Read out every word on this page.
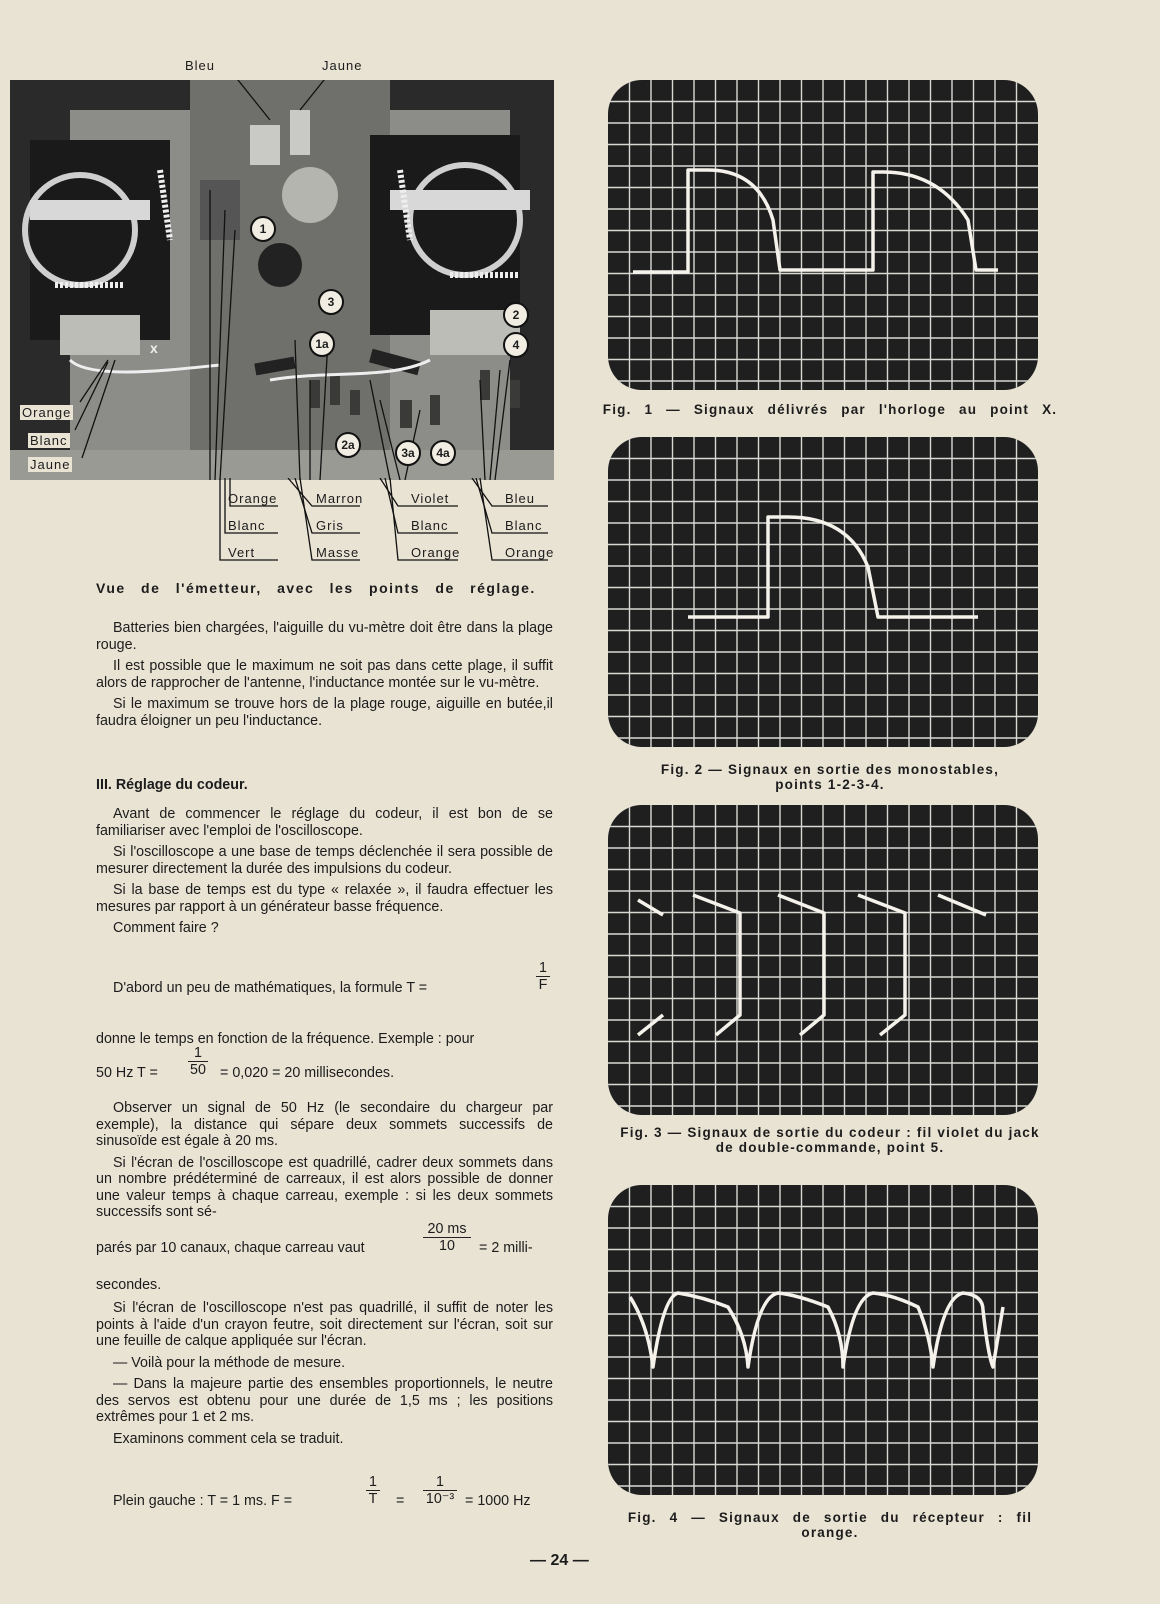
Bleu	Jaune
1
3
1a
2a
3a	4a
2
4
x
Orange
Blanc
Jaune
Orange
Blanc
Vert
Marron
Gris
Masse
Violet
Blanc
Orange
Bleu
Blanc
Orange
Vue de l'émetteur, avec les points de réglage.

Batteries bien chargées, l'aiguille du vu-mètre doit être dans la plage rouge.

Il est possible que le maximum ne soit pas dans cette plage, il suffit alors de rapprocher de l'antenne, l'inductance montée sur le vu-mètre.

Si le maximum se trouve hors de la plage rouge, aiguille en butée,il faudra éloigner un peu l'inductance.

III. Réglage du codeur.

Avant de commencer le réglage du codeur, il est bon de se familiariser avec l'emploi de l'oscilloscope.

Si l'oscilloscope a une base de temps déclenchée il sera possible de mesurer directement la durée des impulsions du codeur.

Si la base de temps est du type « relaxée », il faudra effectuer les mesures par rapport à un générateur basse fréquence.

Comment faire ?

D'abord un peu de mathématiques, la formule T =	$\frac{1}{F}$
donne le temps en fonction de la fréquence. Exemple : pour
50 Hz $T = \frac{1}{50} = 0,020 = 20$ millisecondes.

Observer un signal de 50 Hz (le secondaire du chargeur par exemple), la distance qui sépare deux sommets successifs de sinusoïde est égale à 20 ms.

Si l'écran de l'oscilloscope est quadrillé, cadrer deux sommets dans un nombre prédéterminé de carreaux, il est alors possible de donner une valeur temps à chaque carreau, exemple : si les deux sommets successifs sont sé-

parés par 10 canaux, chaque carreau vaut	$\frac{20 ms}{10} = 2$ milli-
secondes.

Si l'écran de l'oscilloscope n'est pas quadrillé, il suffit de noter les points à l'aide d'un crayon feutre, soit directement sur l'écran, soit sur une feuille de calque appliquée sur l'écran.

— Voilà pour la méthode de mesure.

— Dans la majeure partie des ensembles proportionnels, le neutre des servos est obtenu pour une durée de 1,5 ms ; les positions extrêmes pour 1 et 2 ms.

Examinons comment cela se traduit.

Plein gauche : T = 1 ms. F =	$\frac{1}{T} = \frac{1}{\text{10⁻³}} = 1000$ Hz
Fig. 1 — Signaux délivrés par l'horloge au point X.
Fig. 2 — Signaux en sortie des monostables,
points 1-2-3-4.
Fig. 3 — Signaux de sortie du codeur : fil violet du jack
de double-commande, point 5.
Fig. 4 — Signaux de sortie du récepteur : fil orange.
— 24 —
